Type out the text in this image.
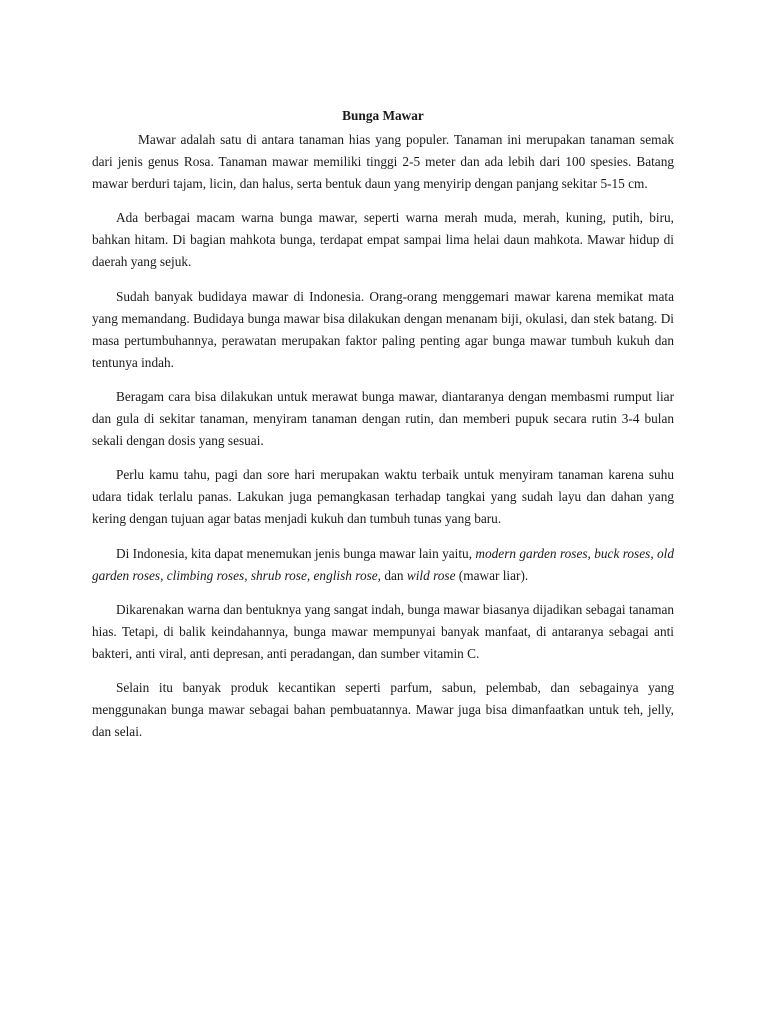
Bunga Mawar

Mawar adalah satu di antara tanaman hias yang populer. Tanaman ini merupakan tanaman semak dari jenis genus Rosa. Tanaman mawar memiliki tinggi 2-5 meter dan ada lebih dari 100 spesies. Batang mawar berduri tajam, licin, dan halus, serta bentuk daun yang menyirip dengan panjang sekitar 5-15 cm.

Ada berbagai macam warna bunga mawar, seperti warna merah muda, merah, kuning, putih, biru, bahkan hitam. Di bagian mahkota bunga, terdapat empat sampai lima helai daun mahkota. Mawar hidup di daerah yang sejuk.

Sudah banyak budidaya mawar di Indonesia. Orang-orang menggemari mawar karena memikat mata yang memandang. Budidaya bunga mawar bisa dilakukan dengan menanam biji, okulasi, dan stek batang. Di masa pertumbuhannya, perawatan merupakan faktor paling penting agar bunga mawar tumbuh kukuh dan tentunya indah.

Beragam cara bisa dilakukan untuk merawat bunga mawar, diantaranya dengan membasmi rumput liar dan gula di sekitar tanaman, menyiram tanaman dengan rutin, dan memberi pupuk secara rutin 3-4 bulan sekali dengan dosis yang sesuai.

Perlu kamu tahu, pagi dan sore hari merupakan waktu terbaik untuk menyiram tanaman karena suhu udara tidak terlalu panas. Lakukan juga pemangkasan terhadap tangkai yang sudah layu dan dahan yang kering dengan tujuan agar batas menjadi kukuh dan tumbuh tunas yang baru.

Di Indonesia, kita dapat menemukan jenis bunga mawar lain yaitu, modern garden roses, buck roses, old garden roses, climbing roses, shrub rose, english rose, dan wild rose (mawar liar).

Dikarenakan warna dan bentuknya yang sangat indah, bunga mawar biasanya dijadikan sebagai tanaman hias. Tetapi, di balik keindahannya, bunga mawar mempunyai banyak manfaat, di antaranya sebagai anti bakteri, anti viral, anti depresan, anti peradangan, dan sumber vitamin C.

Selain itu banyak produk kecantikan seperti parfum, sabun, pelembab, dan sebagainya yang menggunakan bunga mawar sebagai bahan pembuatannya. Mawar juga bisa dimanfaatkan untuk teh, jelly, dan selai.
